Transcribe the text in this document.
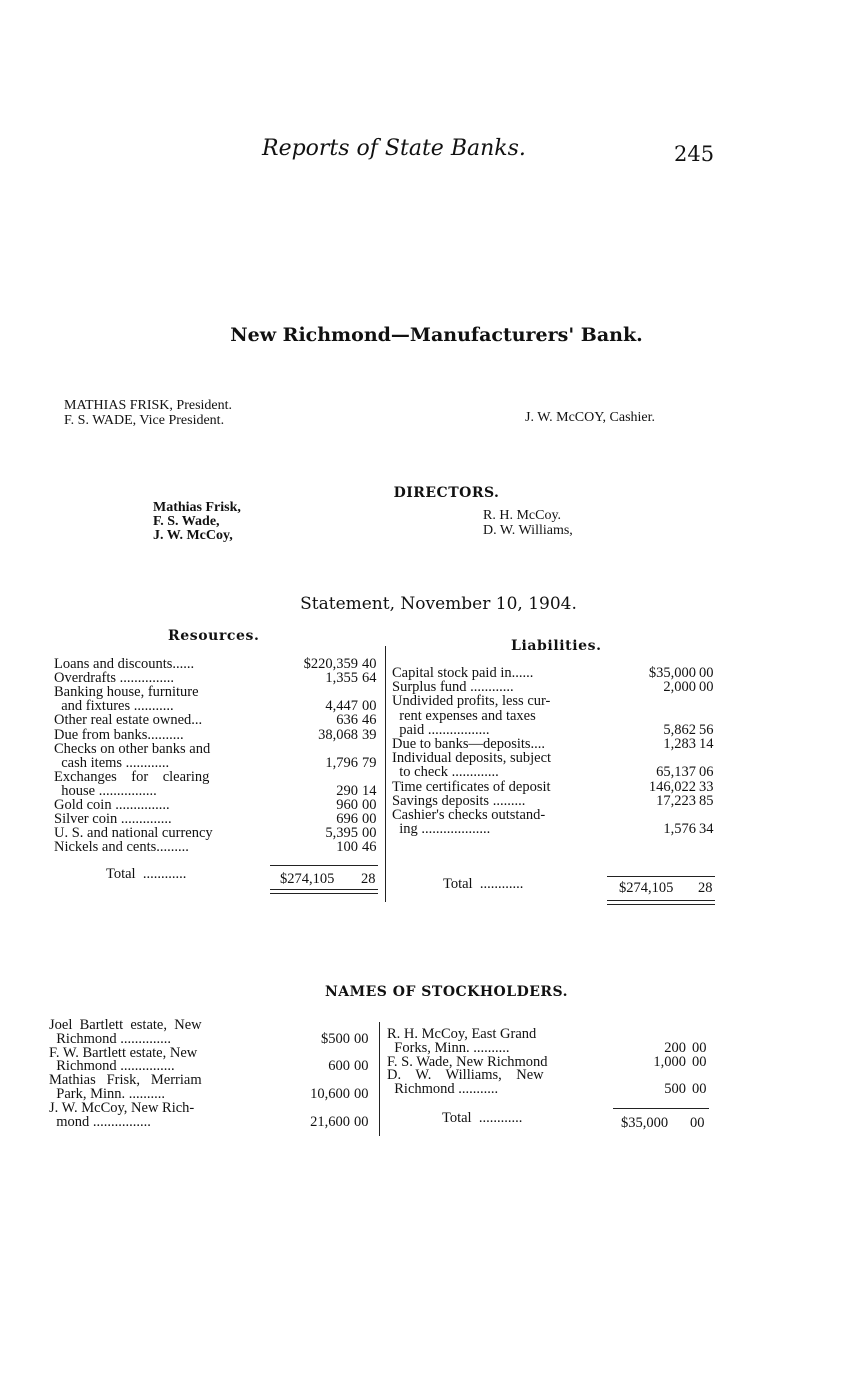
Reports of State Banks.	245
New Richmond—Manufacturers' Bank.
MATHIAS FRISK, President.
F. S. WADE, Vice President.	J. W. McCOY, Cashier.
DIRECTORS.
Mathias Frisk,
F. S. Wade,
J. W. McCoy,
R. H. McCoy.
D. W. Williams,
Statement, November 10, 1904.
Resources.
Liabilities.
Loans and discounts......	$220,359 40
Overdrafts ...............	1,355 64
Banking house, furniture
and fixtures ...........	4,447 00
Other real estate owned...	636 46
Due from banks..........	38,068 39
Checks on other banks and
cash items ............	1,796 79
Exchanges    for    clearing
house ................	290 14
Gold coin ...............	960 00
Silver coin ..............	696 00
U. S. and national currency	5,395 00
Nickels and cents.........	100 46
Capital stock paid in......	$35,000 00
Surplus fund ............	2,000 00
Undivided profits, less cur-
rent expenses and taxes
paid .................	5,862 56
Due to banks—deposits....	1,283 14
Individual deposits, subject
to check .............	65,137 06
Time certificates of deposit	146,022 33
Savings deposits .........	17,223 85
Cashier's checks outstand-
ing ...................	1,576 34
Total  ............	$274,105 28	Total  ............	$274,105 28
NAMES OF STOCKHOLDERS.
Joel  Bartlett  estate,  New
Richmond ..............	$500 00
F. W. Bartlett estate, New
Richmond ...............	600 00
Mathias   Frisk,   Merriam
Park, Minn. ..........	10,600 00
J. W. McCoy, New Rich-
mond ................	21,600 00
R. H. McCoy, East Grand
Forks, Minn. ..........	200 00
F. S. Wade, New Richmond	1,000 00
D.    W.    Williams,    New
Richmond ...........	500 00
Total  ............	$35,000 00
